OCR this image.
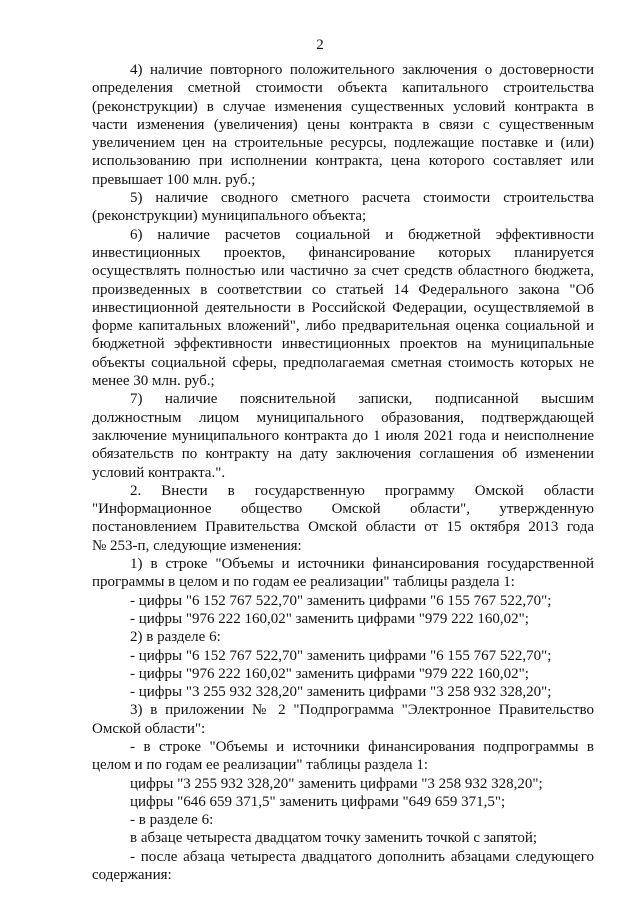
2

4) наличие повторного положительного заключения о достоверности

определения сметной стоимости объекта капитального строительства

(реконструкции) в случае изменения существенных условий контракта в

части изменения (увеличения) цены контракта в связи с существенным

увеличением цен на строительные ресурсы, подлежащие поставке и (или)

использованию при исполнении контракта, цена которого составляет или

превышает 100 млн. руб.;

5) наличие сводного сметного расчета стоимости строительства

(реконструкции) муниципального объекта;

6) наличие расчетов социальной и бюджетной эффективности

инвестиционных проектов, финансирование которых планируется

осуществлять полностью или частично за счет средств областного бюджета,

произведенных в соответствии со статьей 14 Федерального закона "Об

инвестиционной деятельности в Российской Федерации, осуществляемой в

форме капитальных вложений", либо предварительная оценка социальной и

бюджетной эффективности инвестиционных проектов на муниципальные

объекты социальной сферы, предполагаемая сметная стоимость которых не

менее 30 млн. руб.;

7) наличие пояснительной записки, подписанной высшим

должностным лицом муниципального образования, подтверждающей

заключение муниципального контракта до 1 июля 2021 года и неисполнение

обязательств по контракту на дату заключения соглашения об изменении

условий контракта.".

2. Внести в государственную программу Омской области

"Информационное общество Омской области", утвержденную

постановлением Правительства Омской области от 15 октября 2013 года

№ 253-п, следующие изменения:

1) в строке "Объемы и источники финансирования государственной

программы в целом и по годам ее реализации" таблицы раздела 1:

- цифры "6 152 767 522,70" заменить цифрами "6 155 767 522,70";

- цифры "976 222 160,02" заменить цифрами "979 222 160,02";

2) в разделе 6:

- цифры "6 152 767 522,70" заменить цифрами "6 155 767 522,70";

- цифры "976 222 160,02" заменить цифрами "979 222 160,02";

- цифры "3 255 932 328,20" заменить цифрами "3 258 932 328,20";

3) в приложении № 2 "Подпрограмма "Электронное Правительство

Омской области":

- в строке "Объемы и источники финансирования подпрограммы в

целом и по годам ее реализации" таблицы раздела 1:

цифры "3 255 932 328,20" заменить цифрами "3 258 932 328,20";

цифры "646 659 371,5" заменить цифрами "649 659 371,5";

- в разделе 6:

в абзаце четыреста двадцатом точку заменить точкой с запятой;

- после абзаца четыреста двадцатого дополнить абзацами следующего

содержания:
